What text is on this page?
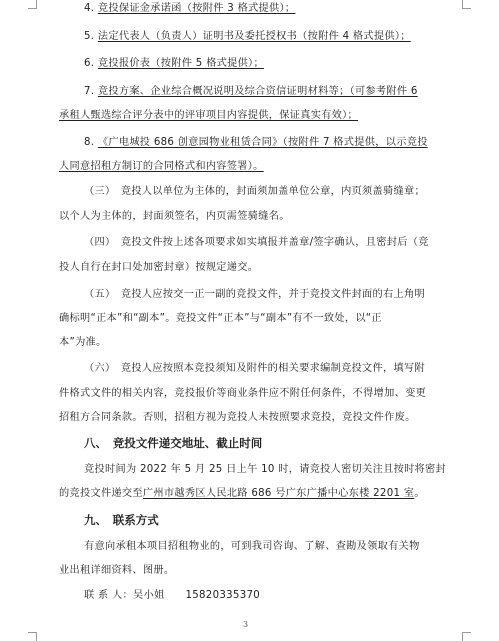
4. 竞投保证金承诺函（按附件 3 格式提供）；
5. 法定代表人（负责人）证明书及委托授权书（按附件 4 格式提供）；
6. 竞投报价表（按附件 5 格式提供）；
7. 竞投方案、企业综合概况说明及综合资信证明材料等；（可参考附件 6
承租人甄选综合评分表中的评审项目内容提供，保证真实有效）；
8. 《广电城投 686 创意园物业租赁合同》（按附件 7 格式提供，以示竞投
人同意招租方制订的合同格式和内容签署）。
（三）　竞投人以单位为主体的，封面须加盖单位公章，内页须盖骑缝章；
以个人为主体的，封面须签名，内页需签骑缝名。
（四）　竞投文件按上述各项要求如实填报并盖章/签字确认，且密封后（竞
投人自行在封口处加密封章）按规定递交。
（五）　竞投人应按交一正一副的竞投文件，并于竞投文件封面的右上角明
确标明“正本”和“副本”。竞投文件“正本”与“副本”有不一致处，以“正
本”为准。
（六）　竞投人应按照本竞投须知及附件的相关要求编制竞投文件，填写附
件格式文件的相关内容，竞投报价等商业条件应不附任何条件，不得增加、变更
招租方合同条款。否则，招租方视为竞投人未按照要求竞投，竞投文件作废。
八、　竞投文件递交地址、截止时间
竞投时间为 2022 年 5 月 25 日上午 10 时，请竞投人密切关注且按时将密封
的竞投文件递交至广州市越秀区人民北路 686 号广东广播中心东楼 2201 室。
九、　联系方式
有意向承租本项目招租物业的，可到我司咨询、了解、查勘及领取有关物
业出租详细资料、图册。
联 系 人：吴小姐　　15820335370
3
